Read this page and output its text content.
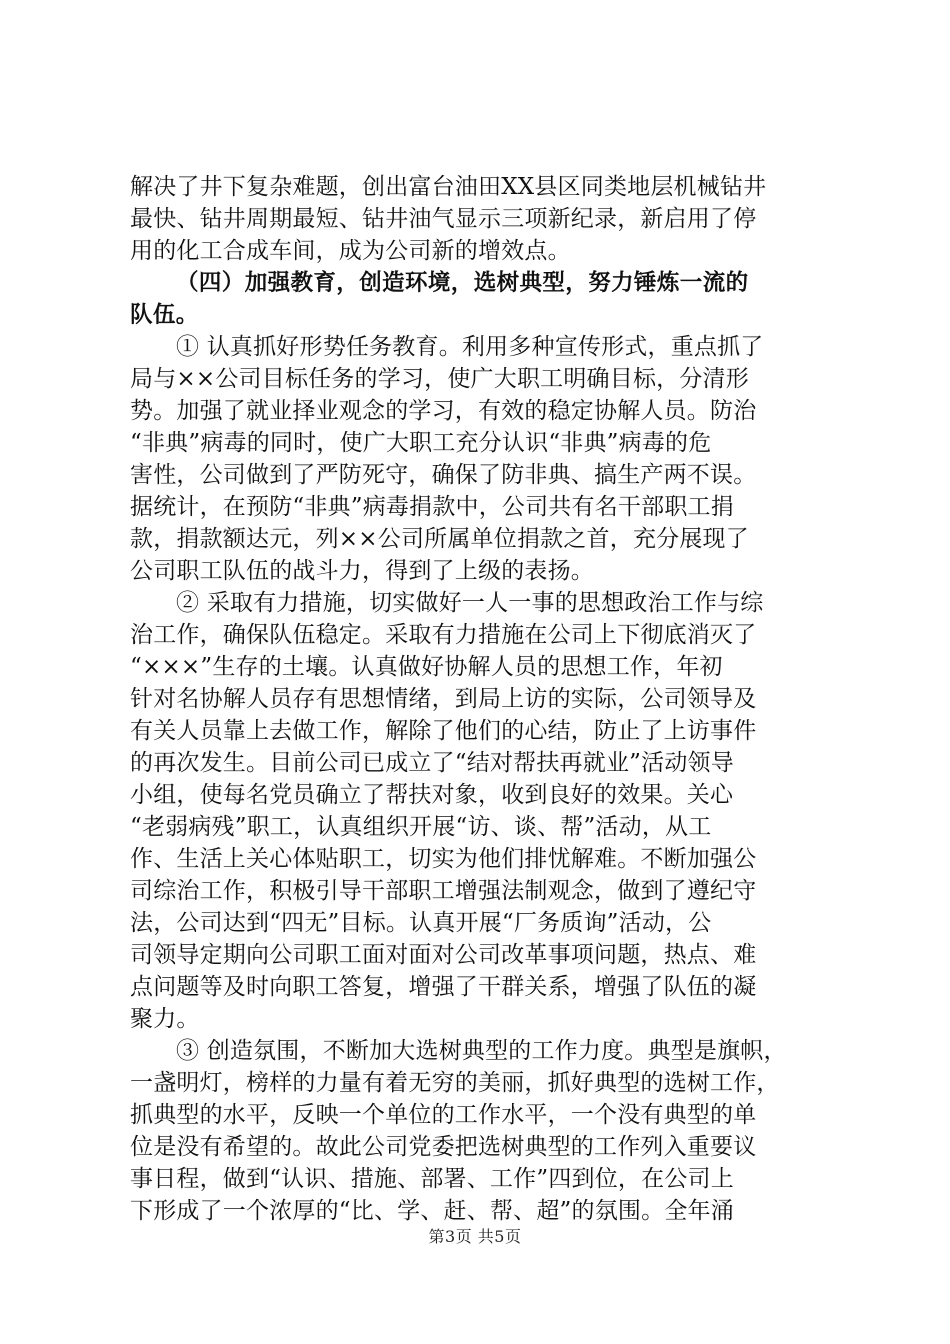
解决了井下复杂难题，创出富台油田XX县区同类地层机械钻井
最快、钻井周期最短、钻井油气显示三项新纪录，新启用了停
用的化工合成车间，成为公司新的增效点。
（四）加强教育，创造环境，选树典型，努力锤炼一流的
队伍。
① 认真抓好形势任务教育。利用多种宣传形式，重点抓了
局与××公司目标任务的学习，使广大职工明确目标，分清形
势。加强了就业择业观念的学习，有效的稳定协解人员。防治
“非典”病毒的同时，使广大职工充分认识“非典”病毒的危
害性，公司做到了严防死守，确保了防非典、搞生产两不误。
据统计，在预防“非典”病毒捐款中，公司共有名干部职工捐
款，捐款额达元，列××公司所属单位捐款之首，充分展现了
公司职工队伍的战斗力，得到了上级的表扬。
② 采取有力措施，切实做好一人一事的思想政治工作与综
治工作，确保队伍稳定。采取有力措施在公司上下彻底消灭了
“×××”生存的土壤。认真做好协解人员的思想工作，年初
针对名协解人员存有思想情绪，到局上访的实际，公司领导及
有关人员靠上去做工作，解除了他们的心结，防止了上访事件
的再次发生。目前公司已成立了“结对帮扶再就业”活动领导
小组，使每名党员确立了帮扶对象，收到良好的效果。关心
“老弱病残”职工，认真组织开展“访、谈、帮”活动，从工
作、生活上关心体贴职工，切实为他们排忧解难。不断加强公
司综治工作，积极引导干部职工增强法制观念，做到了遵纪守
法，公司达到“四无”目标。认真开展“厂务质询”活动，公
司领导定期向公司职工面对面对公司改革事项问题，热点、难
点问题等及时向职工答复，增强了干群关系，增强了队伍的凝
聚力。
③ 创造氛围，不断加大选树典型的工作力度。典型是旗帜，
一盏明灯，榜样的力量有着无穷的美丽，抓好典型的选树工作，
抓典型的水平，反映一个单位的工作水平，一个没有典型的单
位是没有希望的。故此公司党委把选树典型的工作列入重要议
事日程，做到“认识、措施、部署、工作”四到位，在公司上
下形成了一个浓厚的“比、学、赶、帮、超”的氛围。全年涌
第3页 共5页
